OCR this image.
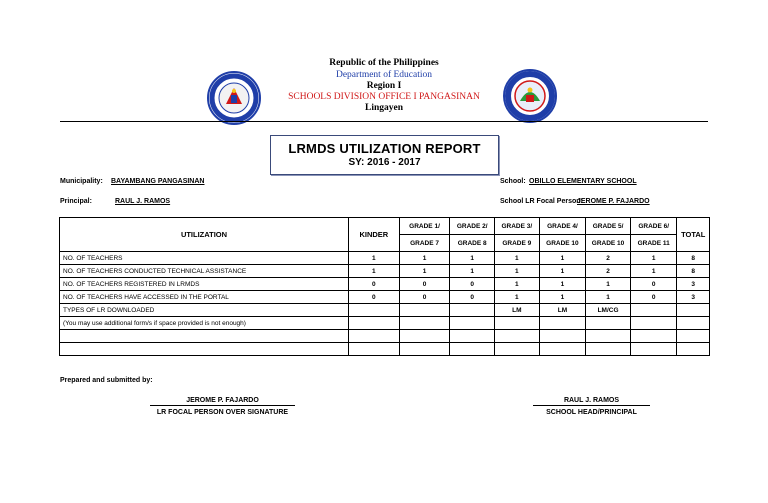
Republic of the Philippines
Department of Education
Region I
SCHOOLS DIVISION OFFICE I PANGASINAN
Lingayen
LRMDS UTILIZATION REPORT
SY: 2016 - 2017
Municipality: BAYAMBANG PANGASINAN	School: OBILLO ELEMENTARY SCHOOL
Principal:	RAUL J. RAMOS	School LR Focal Person:
JEROME P. FAJARDO
UTILIZATION	KINDER	GRADE 1/	GRADE 2/	GRADE 3/	GRADE 4/	GRADE 5/	GRADE 6/	TOTAL
		GRADE 7	GRADE 8	GRADE 9	GRADE 10	GRADE 10	GRADE 11	
NO. OF TEACHERS	1	1	1	1	1	2	1	8
NO. OF TEACHERS CONDUCTED TECHNICAL ASSISTANCE	1	1	1	1	1	2	1	8
NO. OF TEACHERS REGISTERED IN LRMDS	0	0	0	1	1	1	0	3
NO. OF TEACHERS HAVE ACCESSED IN THE PORTAL	0	0	0	1	1	1	0	3
TYPES OF LR DOWNLOADED				LM	LM	LM/CG		
(You may use additional form/s if space provided is not enough)								

Prepared and submitted by:
JEROME P. FAJARDO
LR FOCAL PERSON OVER SIGNATURE
RAUL J. RAMOS
SCHOOL HEAD/PRINCIPAL
